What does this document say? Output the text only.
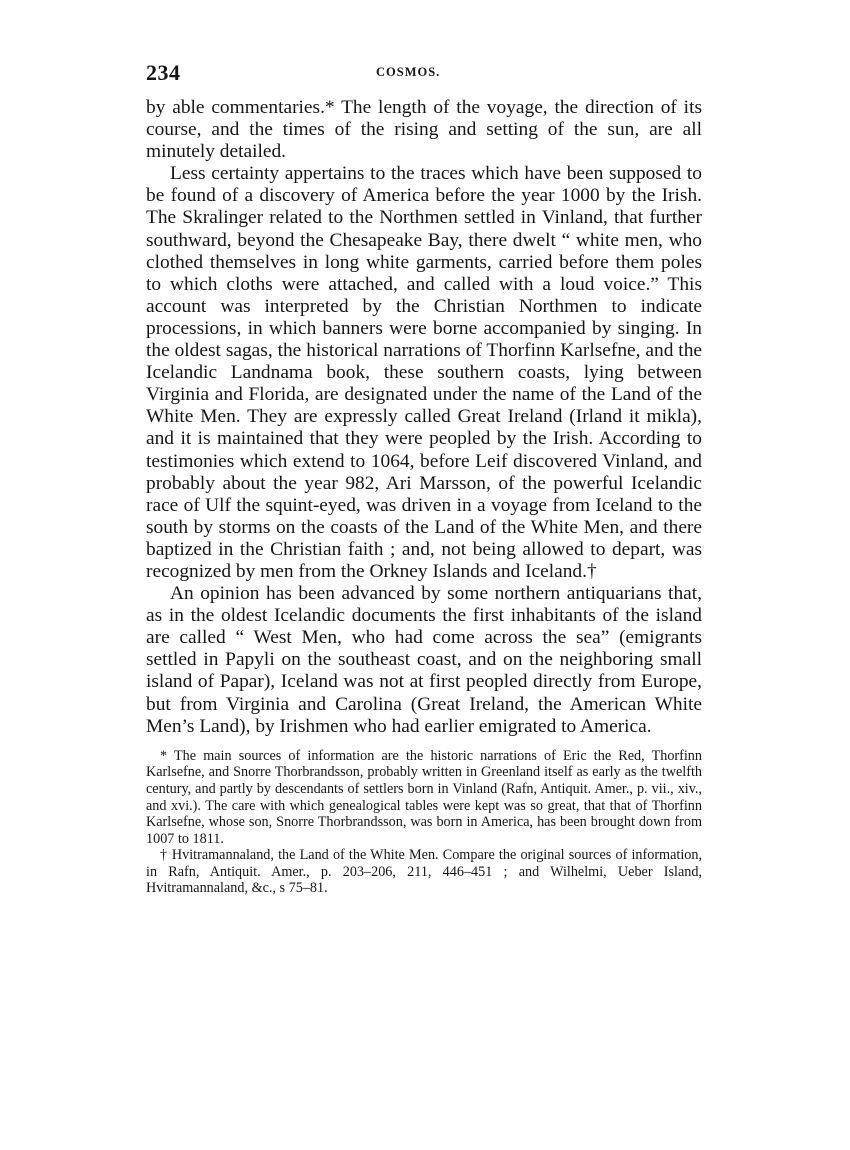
234	COSMOS.

by able commentaries.* The length of the voyage, the direction of its course, and the times of the rising and setting of the sun, are all minutely detailed.

Less certainty appertains to the traces which have been supposed to be found of a discovery of America before the year 1000 by the Irish. The Skralinger related to the Northmen settled in Vinland, that further southward, beyond the Chesapeake Bay, there dwelt “ white men, who clothed themselves in long white garments, carried before them poles to which cloths were attached, and called with a loud voice.” This account was interpreted by the Christian Northmen to indicate processions, in which banners were borne accompanied by singing. In the oldest sagas, the historical narrations of Thorfinn Karlsefne, and the Icelandic Landnama book, these southern coasts, lying between Virginia and Florida, are designated under the name of the Land of the White Men. They are expressly called Great Ireland (Irland it mikla), and it is maintained that they were peopled by the Irish. According to testimonies which extend to 1064, before Leif discovered Vinland, and probably about the year 982, Ari Marsson, of the powerful Icelandic race of Ulf the squint-eyed, was driven in a voyage from Iceland to the south by storms on the coasts of the Land of the White Men, and there baptized in the Christian faith ; and, not being allowed to depart, was recognized by men from the Orkney Islands and Iceland.†

An opinion has been advanced by some northern antiquarians that, as in the oldest Icelandic documents the first inhabitants of the island are called “ West Men, who had come across the sea” (emigrants settled in Papyli on the southeast coast, and on the neighboring small island of Papar), Iceland was not at first peopled directly from Europe, but from Virginia and Carolina (Great Ireland, the American White Men’s Land), by Irishmen who had earlier emigrated to America.

* The main sources of information are the historic narrations of Eric the Red, Thorfinn Karlsefne, and Snorre Thorbrandsson, probably written in Greenland itself as early as the twelfth century, and partly by descendants of settlers born in Vinland (Rafn, Antiquit. Amer., p. vii., xiv., and xvi.). The care with which genealogical tables were kept was so great, that that of Thorfinn Karlsefne, whose son, Snorre Thorbrandsson, was born in America, has been brought down from 1007 to 1811.

† Hvitramannaland, the Land of the White Men. Compare the original sources of information, in Rafn, Antiquit. Amer., p. 203–206, 211, 446–451 ; and Wilhelmi, Ueber Island, Hvitramannaland, &c., s 75–81.
